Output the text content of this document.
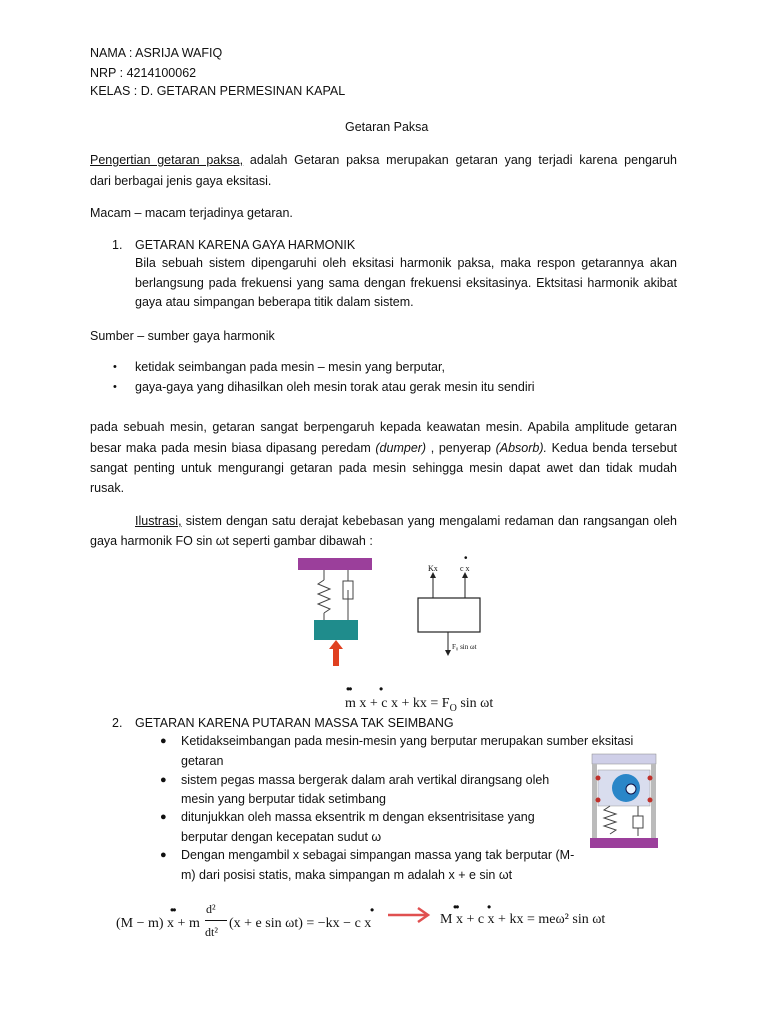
NAMA : ASRIJA WAFIQ
NRP : 4214100062
KELAS : D. GETARAN PERMESINAN KAPAL
Getaran Paksa
Pengertian getaran paksa, adalah Getaran paksa merupakan getaran yang terjadi karena pengaruh
dari berbagai jenis gaya eksitasi.
Macam – macam terjadinya getaran.
1. GETARAN KARENA GAYA HARMONIK
Bila sebuah sistem dipengaruhi oleh eksitasi harmonik paksa, maka respon getarannya akan
berlangsung pada frekuensi yang sama dengan frekuensi eksitasinya. Ektsitasi harmonik akibat
gaya atau simpangan beberapa titik dalam sistem.
Sumber – sumber gaya harmonik
• ketidak seimbangan pada mesin – mesin yang berputar,
• gaya-gaya yang dihasilkan oleh mesin torak atau gerak mesin itu sendiri
pada sebuah mesin, getaran sangat berpengaruh kepada keawatan mesin. Apabila amplitude getaran
besar maka pada mesin biasa dipasang peredam (dumper) , penyerap (Absorb). Kedua benda tersebut
sangat penting untuk mengurangi getaran pada mesin sehingga mesin dapat awet dan tidak mudah
rusak.
Ilustrasi, sistem dengan satu derajat kebebasan yang mengalami redaman dan rangsangan oleh
gaya harmonik FO sin ωt seperti gambar dibawah :
Kx	c x
•
F₀ sin ωt
•• •
m x + c x + kx = $F_O$ sin ωt
2. GETARAN KARENA PUTARAN MASSA TAK SEIMBANG
● Ketidakseimbangan pada mesin-mesin yang berputar merupakan sumber eksitasi
getaran
● sistem pegas massa bergerak dalam arah vertikal dirangsang oleh
mesin yang berputar tidak setimbang
● ditunjukkan oleh massa eksentrik m dengan eksentrisitase yang
berputar dengan kecepatan sudut ω
● Dengan mengambil x sebagai simpangan massa yang tak berputar (M-
m) dari posisi statis, maka simpangan m adalah x + e sin ωt
••	•
(M − m) x + m
d²
dt²
(x + e sin ωt) = −kx − c x
•• •
M x + c x + kx = meω² sin ωt
